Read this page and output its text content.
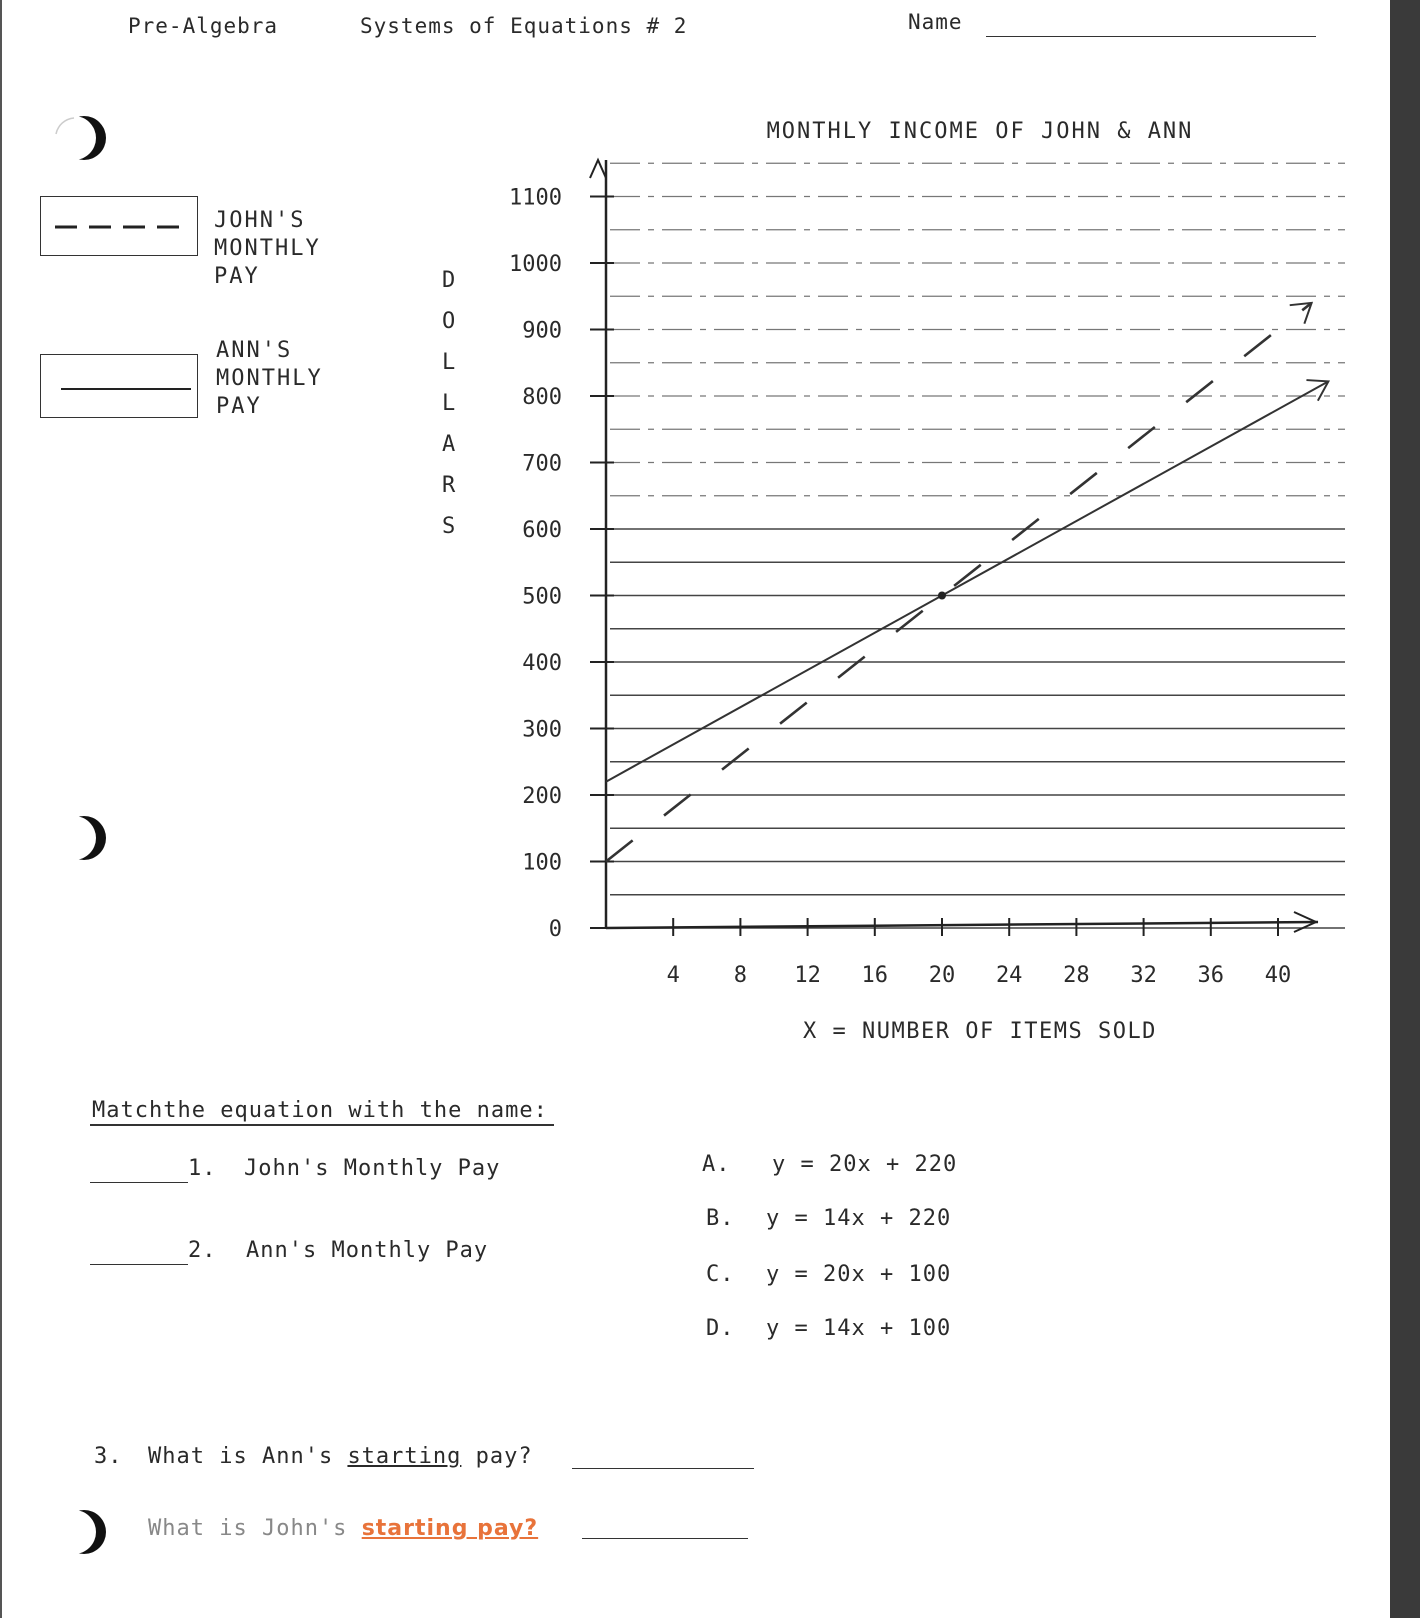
Pre-Algebra	Systems of Equations # 2	Name
JOHN'S
MONTHLY
PAY
ANN'S
MONTHLY
PAY
MONTHLY INCOME OF JOHN & ANN
0
100
200
300
400
500
600
700
800
900
1000
1100
4 8 12 16 20 24 28 32 36 40
X = NUMBER OF ITEMS SOLD
Matchthe equation with the name:
1. John's Monthly Pay
2. Ann's Monthly Pay
A. y = 20x + 220
B. y = 14x + 220
C. y = 20x + 100
D. y = 14x + 100
3. What is Ann's starting pay?
What is John's starting pay?
D
O
L
L
A
R
S
